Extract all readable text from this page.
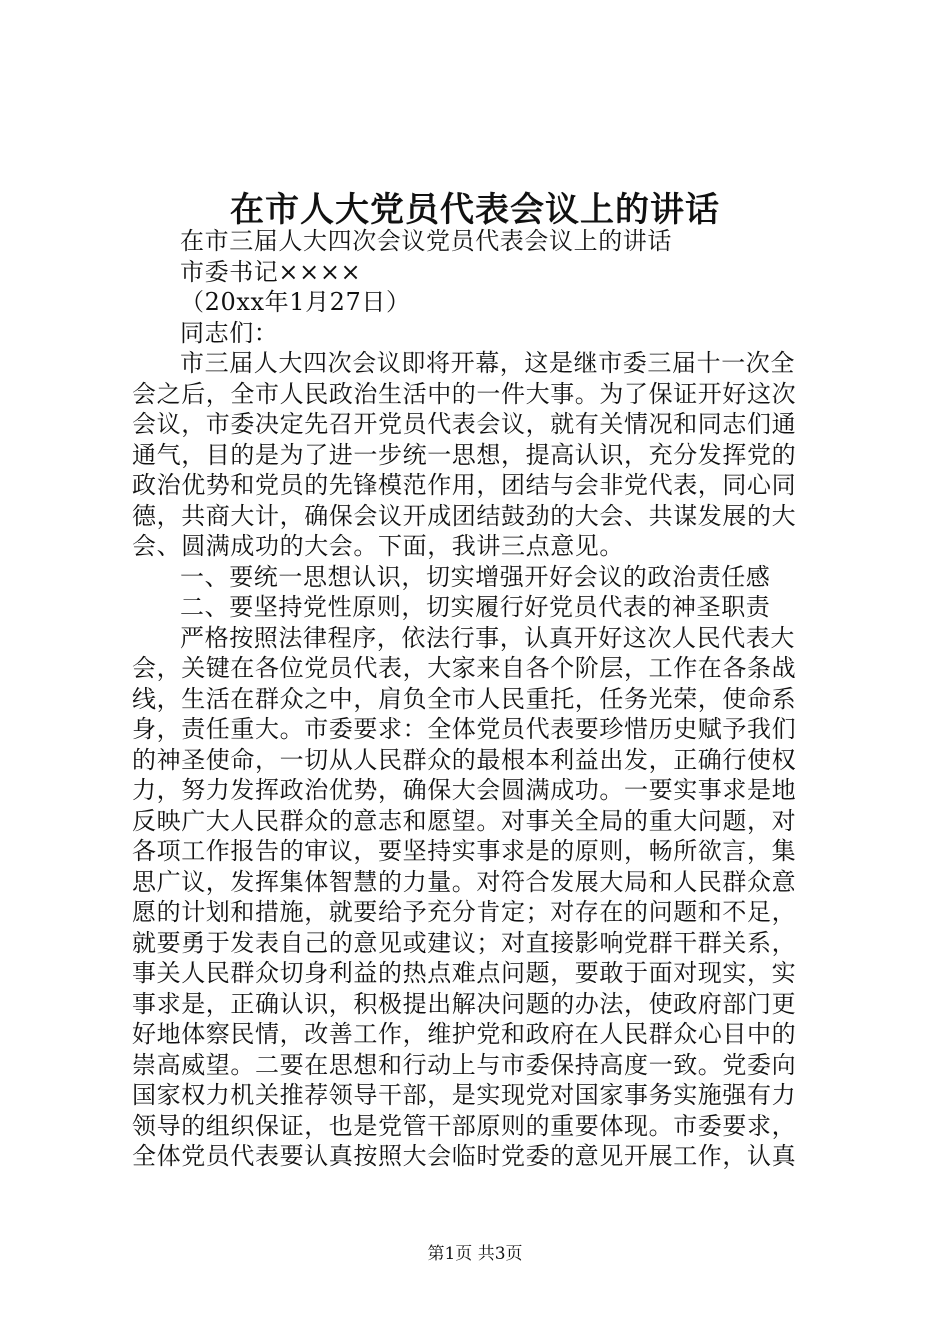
在市人大党员代表会议上的讲话
在市三届人大四次会议党员代表会议上的讲话
市委书记××××
（20xx年1月27日）
同志们：
市三届人大四次会议即将开幕，这是继市委三届十一次全
会之后，全市人民政治生活中的一件大事。为了保证开好这次
会议，市委决定先召开党员代表会议，就有关情况和同志们通
通气，目的是为了进一步统一思想，提高认识，充分发挥党的
政治优势和党员的先锋模范作用，团结与会非党代表，同心同
德，共商大计，确保会议开成团结鼓劲的大会、共谋发展的大
会、圆满成功的大会。下面，我讲三点意见。
一、要统一思想认识，切实增强开好会议的政治责任感
二、要坚持党性原则，切实履行好党员代表的神圣职责
严格按照法律程序，依法行事，认真开好这次人民代表大
会，关键在各位党员代表，大家来自各个阶层，工作在各条战
线，生活在群众之中，肩负全市人民重托，任务光荣，使命系
身，责任重大。市委要求：全体党员代表要珍惜历史赋予我们
的神圣使命，一切从人民群众的最根本利益出发，正确行使权
力，努力发挥政治优势，确保大会圆满成功。一要实事求是地
反映广大人民群众的意志和愿望。对事关全局的重大问题，对
各项工作报告的审议，要坚持实事求是的原则，畅所欲言，集
思广议，发挥集体智慧的力量。对符合发展大局和人民群众意
愿的计划和措施，就要给予充分肯定；对存在的问题和不足，
就要勇于发表自己的意见或建议；对直接影响党群干群关系，
事关人民群众切身利益的热点难点问题，要敢于面对现实，实
事求是，正确认识，积极提出解决问题的办法，使政府部门更
好地体察民情，改善工作，维护党和政府在人民群众心目中的
崇高威望。二要在思想和行动上与市委保持高度一致。党委向
国家权力机关推荐领导干部，是实现党对国家事务实施强有力
领导的组织保证，也是党管干部原则的重要体现。市委要求，
全体党员代表要认真按照大会临时党委的意见开展工作，认真
第1页 共3页
